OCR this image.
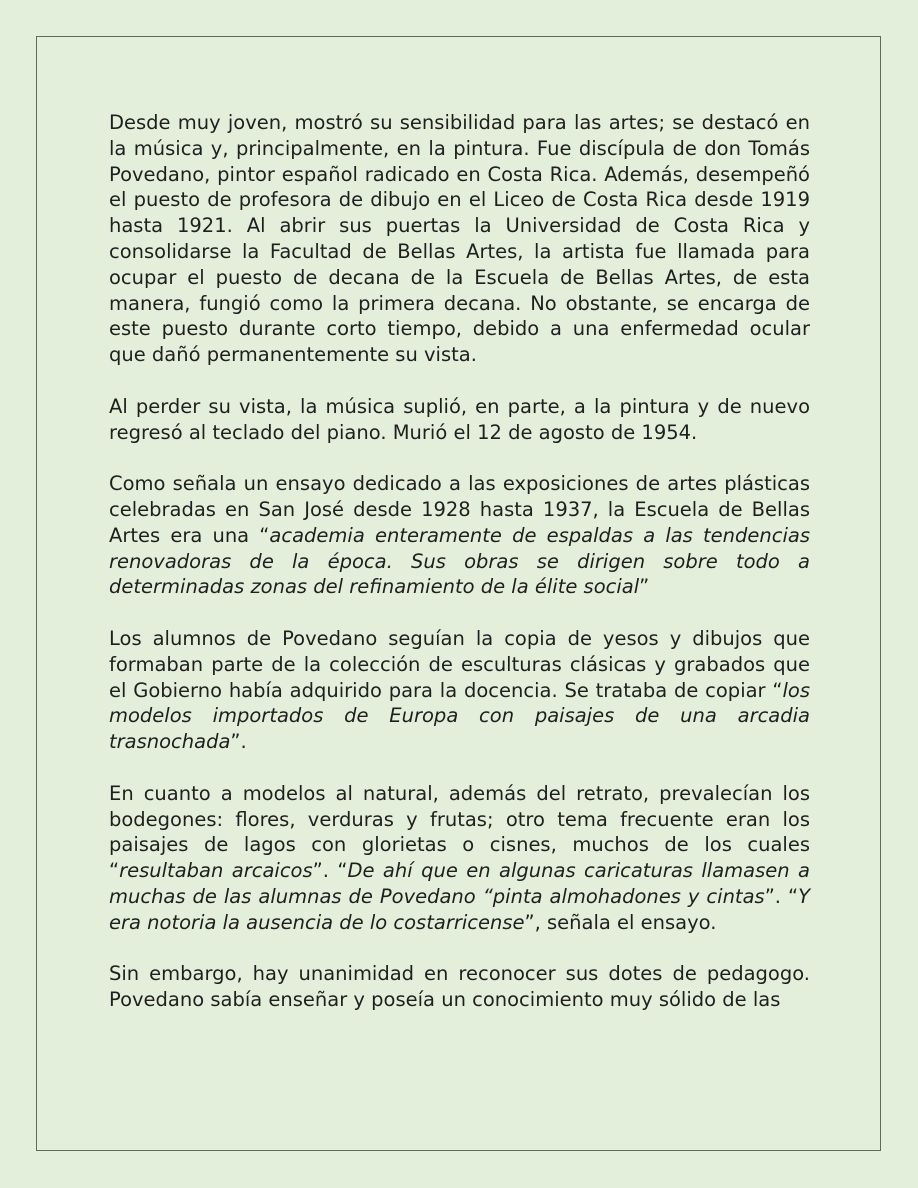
Desde muy joven, mostró su sensibilidad para las artes; se destacó en la música y, principalmente, en la pintura. Fue discípula de don Tomás Povedano, pintor español radicado en Costa Rica. Además, desempeñó el puesto de profesora de dibujo en el Liceo de Costa Rica desde 1919 hasta 1921. Al abrir sus puertas la Universidad de Costa Rica y consolidarse la Facultad de Bellas Artes, la artista fue llamada para ocupar el puesto de decana de la Escuela de Bellas Artes, de esta manera, fungió como la primera decana. No obstante, se encarga de este puesto durante corto tiempo, debido a una enfermedad ocular que dañó permanentemente su vista.

Al perder su vista, la música suplió, en parte, a la pintura y de nuevo regresó al teclado del piano. Murió el 12 de agosto de 1954.

Como señala un ensayo dedicado a las exposiciones de artes plásticas celebradas en San José desde 1928 hasta 1937, la Escuela de Bellas Artes era una “academia enteramente de espaldas a las tendencias renovadoras de la época. Sus obras se dirigen sobre todo a determinadas zonas del refinamiento de la élite social”

Los alumnos de Povedano seguían la copia de yesos y dibujos que formaban parte de la colección de esculturas clásicas y grabados que el Gobierno había adquirido para la docencia. Se trataba de copiar “los modelos importados de Europa con paisajes de una arcadia trasnochada”.

En cuanto a modelos al natural, además del retrato, prevalecían los bodegones: flores, verduras y frutas; otro tema frecuente eran los paisajes de lagos con glorietas o cisnes, muchos de los cuales “resultaban arcaicos”. “De ahí que en algunas caricaturas llamasen a muchas de las alumnas de Povedano “pinta almohadones y cintas”. “Y era notoria la ausencia de lo costarricense”, señala el ensayo.

Sin embargo, hay unanimidad en reconocer sus dotes de pedagogo. Povedano sabía enseñar y poseía un conocimiento muy sólido de las
